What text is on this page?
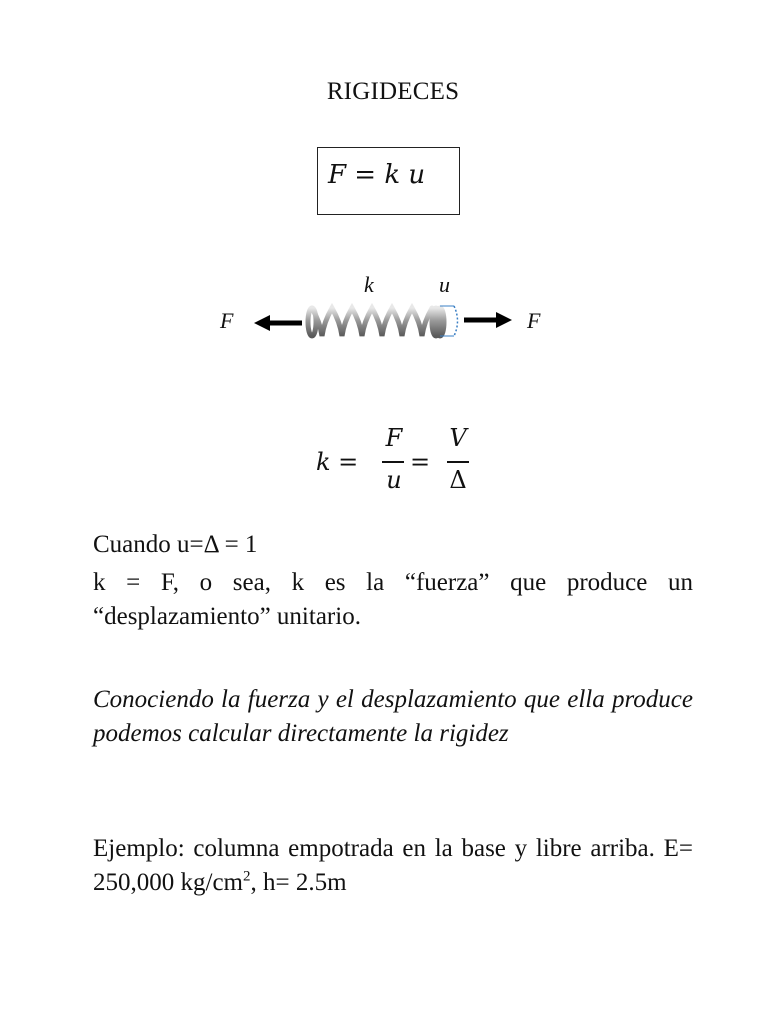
RIGIDECES
F = k u
k	u
F	F
k =
F
u
=
V
Δ
Cuando u=Δ = 1
k = F, o sea, k es la “fuerza” que produce un “desplazamiento” unitario.
Conociendo la fuerza y el desplazamiento que ella produce podemos calcular directamente la rigidez
Ejemplo: columna empotrada en la base y libre arriba. E= 250,000 $kg/cm^2$, h= 2.5m
